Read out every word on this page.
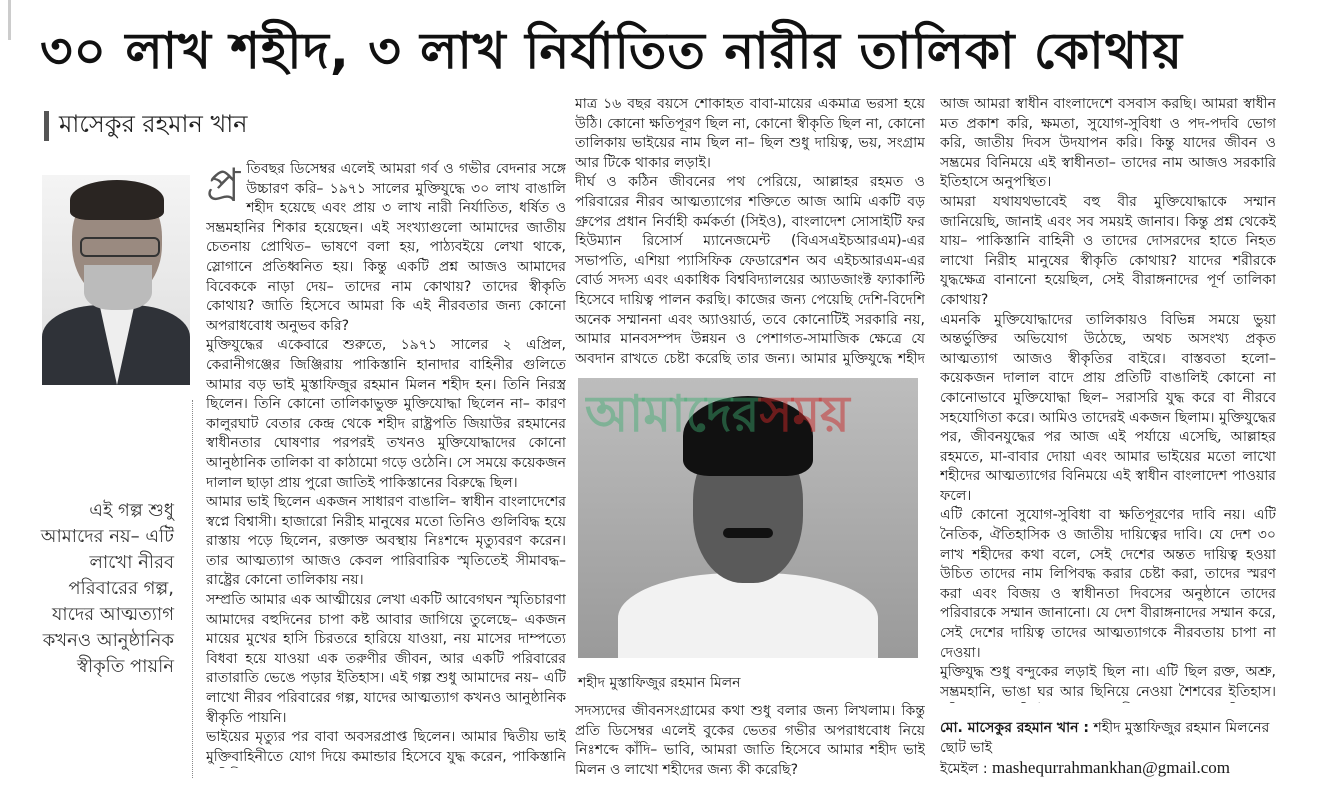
৩০ লাখ শহীদ, ৩ লাখ নির্যাতিত নারীর তালিকা কোথায়
মাসেকুর রহমান খান
এই গল্প শুধু আমাদের নয়– এটি লাখো নীরব পরিবারের গল্প, যাদের আত্মত্যাগ কখনও আনুষ্ঠানিক স্বীকৃতি পায়নি
প্র তিবছর ডিসেম্বর এলেই আমরা গর্ব ও গভীর বেদনার সঙ্গে উচ্চারণ করি– ১৯৭১ সালের মুক্তিযুদ্ধে ৩০ লাখ বাঙালি শহীদ হয়েছে এবং প্রায় ৩ লাখ নারী নির্যাতিত, ধর্ষিত ও সম্ভ্রমহানির শিকার হয়েছেন। এই সংখ্যাগুলো আমাদের জাতীয় চেতনায় প্রোথিত– ভাষণে বলা হয়, পাঠ্যবইয়ে লেখা থাকে, স্লোগানে প্রতিধ্বনিত হয়। কিন্তু একটি প্রশ্ন আজও আমাদের বিবেককে নাড়া দেয়– তাদের নাম কোথায়? তাদের স্বীকৃতি কোথায়? জাতি হিসেবে আমরা কি এই নীরবতার জন্য কোনো অপরাধবোধ অনুভব করি?

মুক্তিযুদ্ধের একেবারে শুরুতে, ১৯৭১ সালের ২ এপ্রিল, কেরানীগঞ্জের জিঞ্জিরায় পাকিস্তানি হানাদার বাহিনীর গুলিতে আমার বড় ভাই মুস্তাফিজুর রহমান মিলন শহীদ হন। তিনি নিরস্ত্র ছিলেন। তিনি কোনো তালিকাভুক্ত মুক্তিযোদ্ধা ছিলেন না– কারণ কালুরঘাট বেতার কেন্দ্র থেকে শহীদ রাষ্ট্রপতি জিয়াউর রহমানের স্বাধীনতার ঘোষণার পরপরই তখনও মুক্তিযোদ্ধাদের কোনো আনুষ্ঠানিক তালিকা বা কাঠামো গড়ে ওঠেনি। সে সময়ে কয়েকজন দালাল ছাড়া প্রায় পুরো জাতিই পাকিস্তানের বিরুদ্ধে ছিল।

আমার ভাই ছিলেন একজন সাধারণ বাঙালি– স্বাধীন বাংলাদেশের স্বপ্নে বিশ্বাসী। হাজারো নিরীহ মানুষের মতো তিনিও গুলিবিদ্ধ হয়ে রাস্তায় পড়ে ছিলেন, রক্তাক্ত অবস্থায় নিঃশব্দে মৃত্যুবরণ করেন। তার আত্মত্যাগ আজও কেবল পারিবারিক স্মৃতিতেই সীমাবদ্ধ– রাষ্ট্রের কোনো তালিকায় নয়।

সম্প্রতি আমার এক আত্মীয়ের লেখা একটি আবেগঘন স্মৃতিচারণা আমাদের বহুদিনের চাপা কষ্ট আবার জাগিয়ে তুলেছে– একজন মায়ের মুখের হাসি চিরতরে হারিয়ে যাওয়া, নয় মাসের দাম্পত্যে বিধবা হয়ে যাওয়া এক তরুণীর জীবন, আর একটি পরিবারের রাতারাতি ভেঙে পড়ার ইতিহাস। এই গল্প শুধু আমাদের নয়– এটি লাখো নীরব পরিবারের গল্প, যাদের আত্মত্যাগ কখনও আনুষ্ঠানিক স্বীকৃতি পায়নি।

ভাইয়ের মৃত্যুর পর বাবা অবসরপ্রাপ্ত ছিলেন। আমার দ্বিতীয় ভাই মুক্তিবাহিনীতে যোগ দিয়ে কমান্ডার হিসেবে যুদ্ধ করেন, পাকিস্তানি

মাত্র ১৬ বছর বয়সে শোকাহত বাবা-মায়ের একমাত্র ভরসা হয়ে উঠি। কোনো ক্ষতিপূরণ ছিল না, কোনো স্বীকৃতি ছিল না, কোনো তালিকায় ভাইয়ের নাম ছিল না– ছিল শুধু দায়িত্ব, ভয়, সংগ্রাম আর টিকে থাকার লড়াই।

দীর্ঘ ও কঠিন জীবনের পথ পেরিয়ে, আল্লাহর রহমত ও পরিবারের নীরব আত্মত্যাগের শক্তিতে আজ আমি একটি বড় গ্রুপের প্রধান নির্বাহী কর্মকর্তা (সিইও), বাংলাদেশ সোসাইটি ফর হিউম্যান রিসোর্স ম্যানেজমেন্ট (বিএসএইচআরএম)-এর সভাপতি, এশিয়া প্যাসিফিক ফেডারেশন অব এইচআরএম-এর বোর্ড সদস্য এবং একাধিক বিশ্ববিদ্যালয়ের অ্যাডজাংক্ট ফ্যাকাল্টি হিসেবে দায়িত্ব পালন করছি। কাজের জন্য পেয়েছি দেশি-বিদেশি অনেক সম্মাননা এবং অ্যাওয়ার্ড, তবে কোনোটিই সরকারি নয়, আমার মানবসম্পদ উন্নয়ন ও পেশাগত-সামাজিক ক্ষেত্রে যে অবদান রাখতে চেষ্টা করেছি তার জন্য। আমার মুক্তিযুদ্ধে শহীদ

আমাদেরসময়
শহীদ মুস্তাফিজুর রহমান মিলন

সদস্যদের জীবনসংগ্রামের কথা শুধু বলার জন্য লিখলাম। কিন্তু প্রতি ডিসেম্বর এলেই বুকের ভেতর গভীর অপরাধবোধ নিয়ে নিঃশব্দে কাঁদি– ভাবি, আমরা জাতি হিসেবে আমার শহীদ ভাই মিলন ও লাখো শহীদের জন্য কী করেছি?

আজ আমরা স্বাধীন বাংলাদেশে বসবাস করছি। আমরা স্বাধীন মত প্রকাশ করি, ক্ষমতা, সুযোগ-সুবিধা ও পদ-পদবি ভোগ করি, জাতীয় দিবস উদযাপন করি। কিন্তু যাদের জীবন ও সম্ভ্রমের বিনিময়ে এই স্বাধীনতা– তাদের নাম আজও সরকারি ইতিহাসে অনুপস্থিত।

আমরা যথাযথভাবেই বহু বীর মুক্তিযোদ্ধাকে সম্মান জানিয়েছি, জানাই এবং সব সময়ই জানাব। কিন্তু প্রশ্ন থেকেই যায়– পাকিস্তানি বাহিনী ও তাদের দোসরদের হাতে নিহত লাখো নিরীহ মানুষের স্বীকৃতি কোথায়? যাদের শরীরকে যুদ্ধক্ষেত্র বানানো হয়েছিল, সেই বীরাঙ্গনাদের পূর্ণ তালিকা কোথায়?

এমনকি মুক্তিযোদ্ধাদের তালিকায়ও বিভিন্ন সময়ে ভুয়া অন্তর্ভুক্তির অভিযোগ উঠেছে, অথচ অসংখ্য প্রকৃত আত্মত্যাগ আজও স্বীকৃতির বাইরে। বাস্তবতা হলো– কয়েকজন দালাল বাদে প্রায় প্রতিটি বাঙালিই কোনো না কোনোভাবে মুক্তিযোদ্ধা ছিল– সরাসরি যুদ্ধ করে বা নীরবে সহযোগিতা করে। আমিও তাদেরই একজন ছিলাম। মুক্তিযুদ্ধের পর, জীবনযুদ্ধের পর আজ এই পর্যায়ে এসেছি, আল্লাহর রহমতে, মা-বাবার দোয়া এবং আমার ভাইয়ের মতো লাখো শহীদের আত্মত্যাগের বিনিময়ে এই স্বাধীন বাংলাদেশ পাওয়ার ফলে।

এটি কোনো সুযোগ-সুবিধা বা ক্ষতিপূরণের দাবি নয়। এটি নৈতিক, ঐতিহাসিক ও জাতীয় দায়িত্বের দাবি। যে দেশ ৩০ লাখ শহীদের কথা বলে, সেই দেশের অন্তত দায়িত্ব হওয়া উচিত তাদের নাম লিপিবদ্ধ করার চেষ্টা করা, তাদের স্মরণ করা এবং বিজয় ও স্বাধীনতা দিবসের অনুষ্ঠানে তাদের পরিবারকে সম্মান জানানো। যে দেশ বীরাঙ্গনাদের সম্মান করে, সেই দেশের দায়িত্ব তাদের আত্মত্যাগকে নীরবতায় চাপা না দেওয়া।

মুক্তিযুদ্ধ শুধু বন্দুকের লড়াই ছিল না। এটি ছিল রক্ত, অশ্রু, সম্ভ্রমহানি, ভাঙা ঘর আর ছিনিয়ে নেওয়া শৈশবের ইতিহাস।

মো. মাসেকুর রহমান খান : শহীদ মুস্তাফিজুর রহমান মিলনের ছোট ভাই
ইমেইল : mashequrrahmankhan@gmail.com
